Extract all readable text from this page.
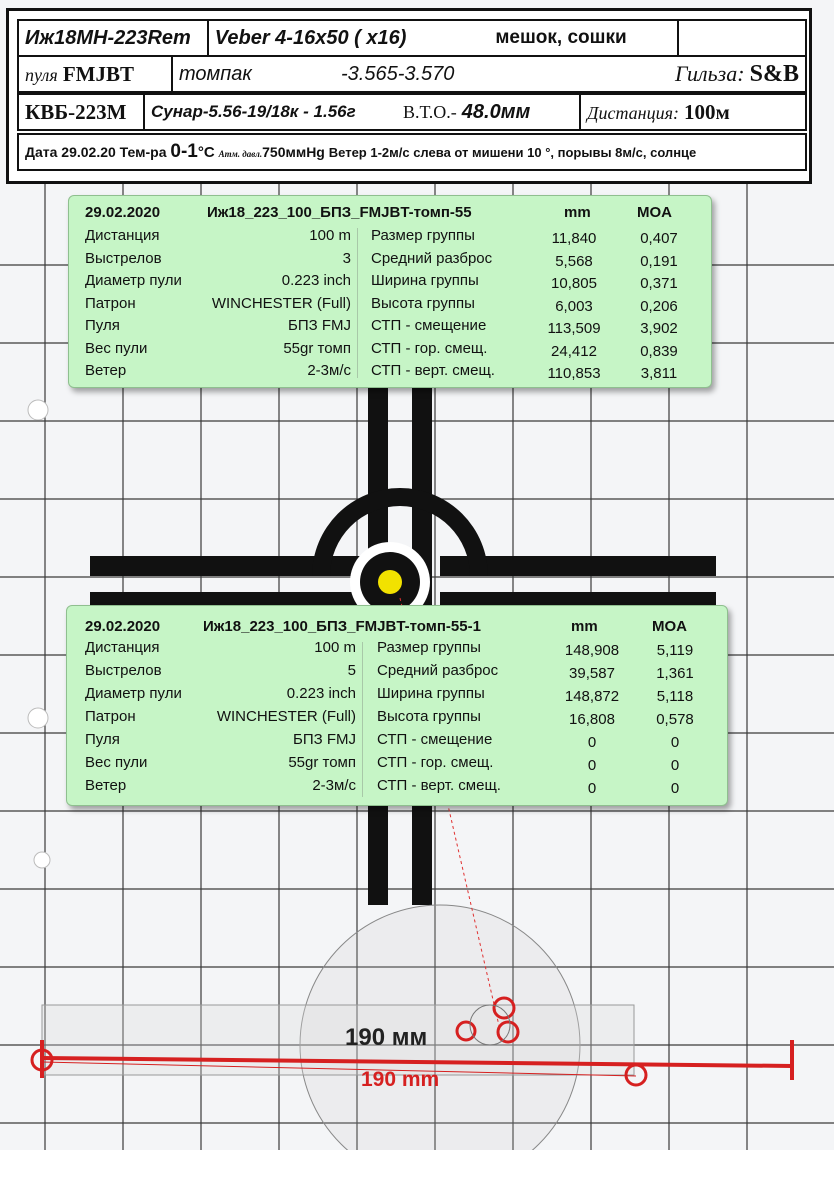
Иж18МН-223Rem	Veber 4-16х50 ( х16)	мешок, сошки	
пуля FMJBT	томпак	-3.565-3.570	Гильза: S&B
КВБ-223М	Сунар-5.56-19/18к - 1.56г	В.Т.О.- 48.0мм	Дистанция: 100м
Дата 29.02.20 Тем-ра 0-1°C Атм. давл.750ммHg Ветер 1-2м/с слева от мишени 10 °, порывы 8м/с, солнце
29.02.2020	Иж18_223_100_БПЗ_FMJBT-томп-55	mm	MOA
Дистанция	100 m
Выстрелов	3
Диаметр пули	0.223 inch
Патрон	WINCHESTER (Full)
Пуля	БПЗ FMJ
Вес пули	55gr томп
Ветер	2-3м/с
Размер группы	11,840	0,407
Средний разброс	5,568	0,191
Ширина группы	10,805	0,371
Высота группы	6,003	0,206
СТП - смещение	113,509	3,902
СТП - гор. смещ.	24,412	0,839
СТП - верт. смещ.	110,853	3,811
29.02.2020	Иж18_223_100_БПЗ_FMJBT-томп-55-1	mm	MOA
Дистанция	100 m
Выстрелов	5
Диаметр пули	0.223 inch
Патрон	WINCHESTER (Full)
Пуля	БПЗ FMJ
Вес пули	55gr томп
Ветер	2-3м/с
Размер группы	148,908	5,119
Средний разброс	39,587	1,361
Ширина группы	148,872	5,118
Высота группы	16,808	0,578
СТП - смещение	0	0
СТП - гор. смещ.	0	0
СТП - верт. смещ.	0	0
190 мм
190 mm
